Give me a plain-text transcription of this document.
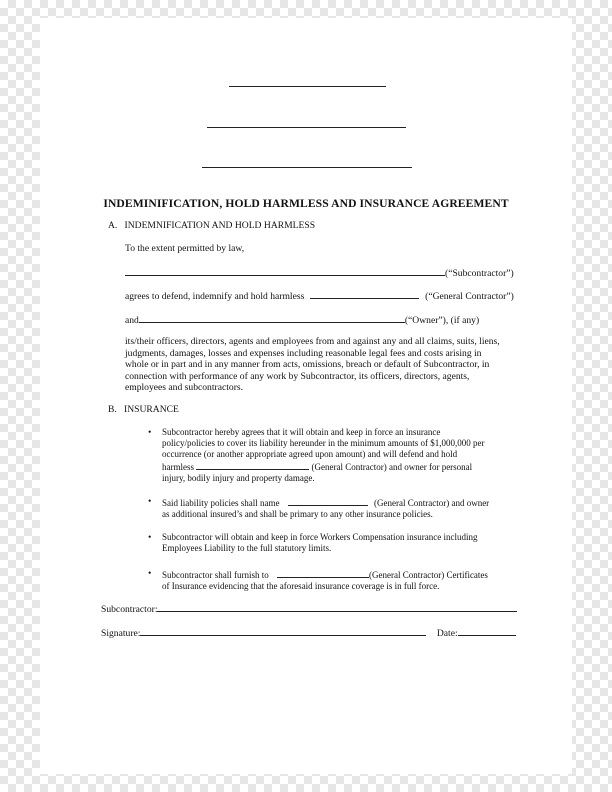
INDEMINIFICATION, HOLD HARMLESS AND INSURANCE AGREEMENT
A.   INDEMNIFICATION AND HOLD HARMLESS
To the extent permitted by law,
(“Subcontractor”)
agrees to defend, indemnify and hold harmless	(“General Contractor”)
and	(“Owner”), (if any)
its/their officers, directors, agents and employees from and against any and all claims, suits, liens,
judgments, damages, losses and expenses including reasonable legal fees and costs arising in
whole or in part and in any manner from acts, omissions, breach or default of Subcontractor, in
connection with performance of any work by Subcontractor, its officers, directors, agents,
employees and subcontractors.
B.   INSURANCE
• Subcontractor hereby agrees that it will obtain and keep in force an insurance
policy/policies to cover its liability hereunder in the minimum amounts of $1,000,000 per
occurrence (or another appropriate agreed upon amount) and will defend and hold
harmless	(General Contractor) and owner for personal
injury, bodily injury and property damage.
• Said liability policies shall name	(General Contractor) and owner
as additional insured’s and shall be primary to any other insurance policies.
• Subcontractor will obtain and keep in force Workers Compensation insurance including
Employees Liability to the full statutory limits.
• Subcontractor shall furnish to	(General Contractor) Certificates
of Insurance evidencing that the aforesaid insurance coverage is in full force.
Subcontractor:
Signature:	Date:
